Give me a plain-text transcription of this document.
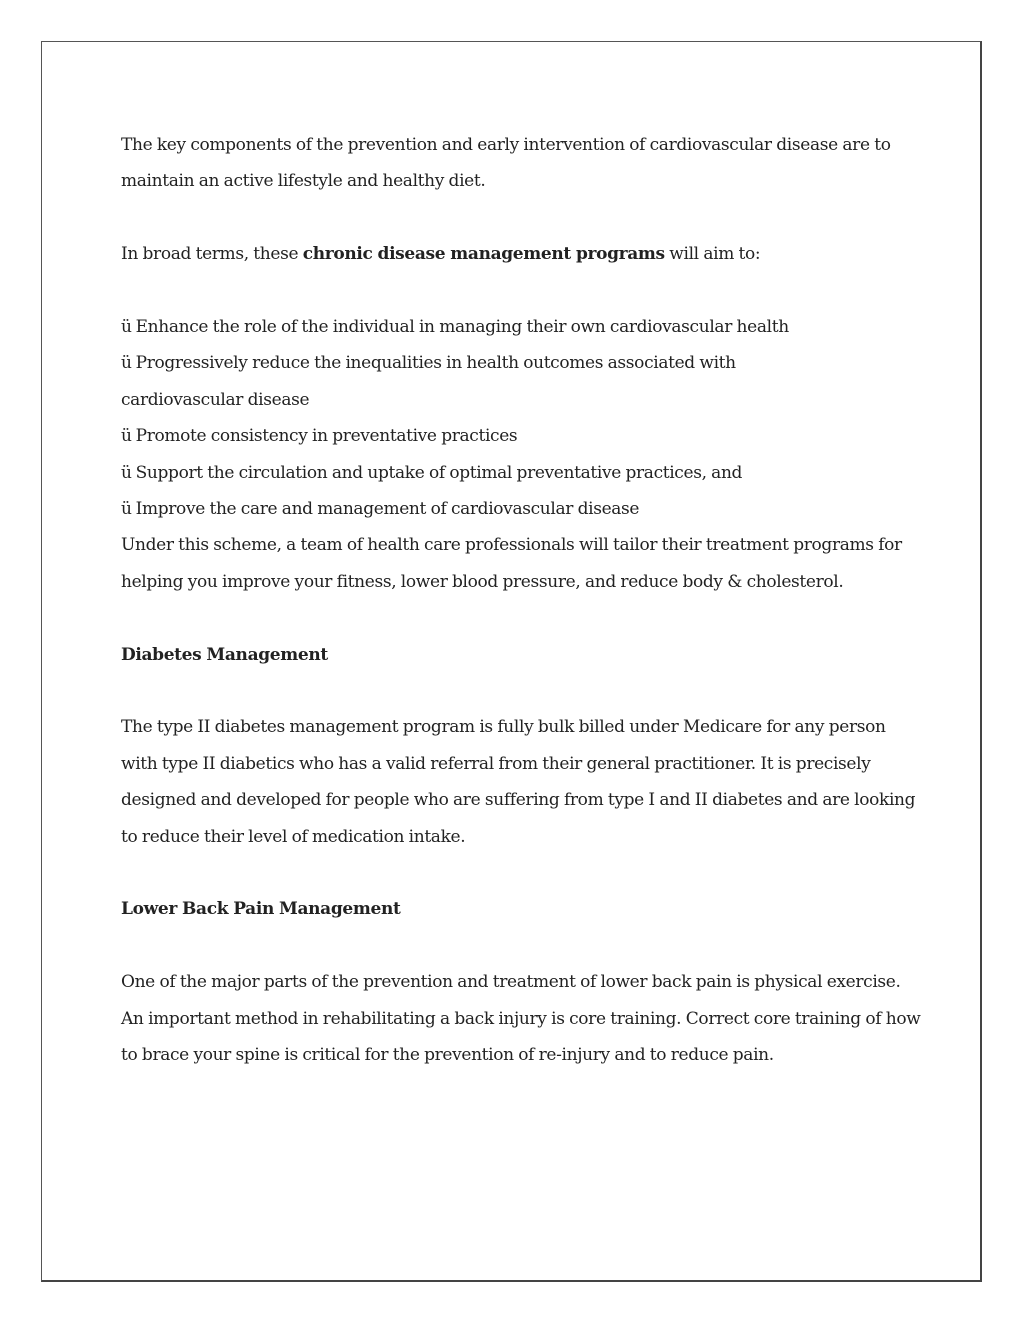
The key components of the prevention and early intervention of cardiovascular disease are to maintain an active lifestyle and healthy diet.

In broad terms, these chronic disease management programs will aim to:

ü Enhance the role of the individual in managing their own cardiovascular health
ü Progressively reduce the inequalities in health outcomes associated with
cardiovascular disease
ü Promote consistency in preventative practices
ü Support the circulation and uptake of optimal preventative practices, and
ü Improve the care and management of cardiovascular disease

Under this scheme, a team of health care professionals will tailor their treatment programs for helping you improve your fitness, lower blood pressure, and reduce body & cholesterol.

Diabetes Management

The type II diabetes management program is fully bulk billed under Medicare for any person with type II diabetics who has a valid referral from their general practitioner. It is precisely designed and developed for people who are suffering from type I and II diabetes and are looking to reduce their level of medication intake.

Lower Back Pain Management

One of the major parts of the prevention and treatment of lower back pain is physical exercise. An important method in rehabilitating a back injury is core training. Correct core training of how to brace your spine is critical for the prevention of re-injury and to reduce pain.
